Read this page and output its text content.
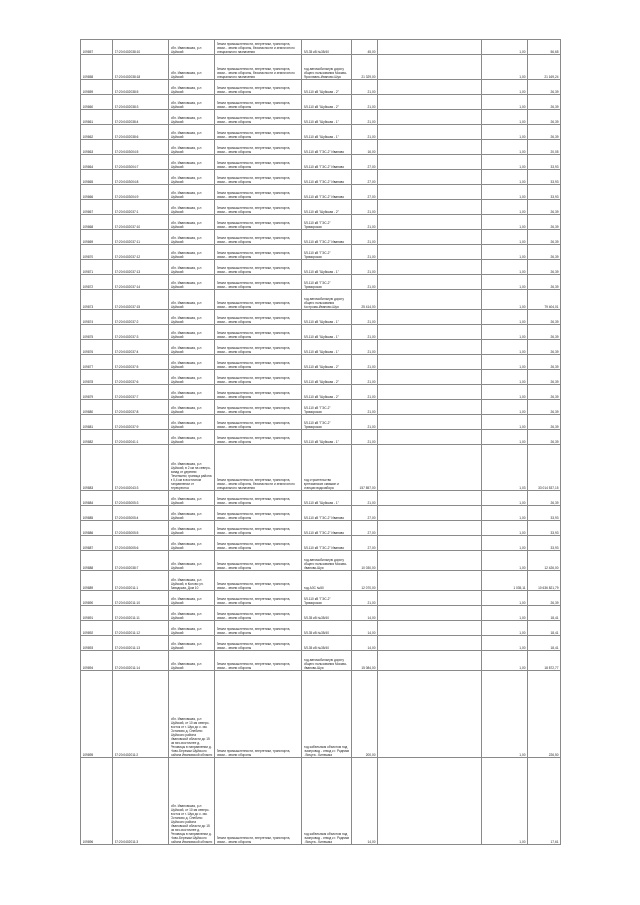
109857	27:20:0402038:10	обл. Ивановская, р-н Шуйский	Земли промышленности, энергетики, транспорта, связи... земли обороны, безопасности и земли иного специального назначения	ВЛ-35 кВ №35/40	45,00		1,00	56,65

109858	37:20:0402038:18	обл. Ивановская, р-н Шуйский	Земли промышленности, энергетики, транспорта, связи... земли обороны, безопасности и земли иного специального назначения	под автомобильную дорогу общего пользования Москва-Ярославль-Иваново-Шуя	21 329,00		1,00	21 169,24

109859	37:20:0402038:5	обл. Ивановская, р-н Шуйский	Земли промышленности, энергетики, транспорта, связи... земли обороны	ВЛ-110 кВ "Шуйская - 2"	21,00		1,00	26,39

109860	37:20:0402038:3	обл. Ивановская, р-н Шуйский	Земли промышленности, энергетики, транспорта, связи... земли обороны	ВЛ-110 кВ "Шуйская - 2"	21,00		1,00	26,39

109861	37:20:0402038:4	обл. Ивановская, р-н Шуйский	Земли промышленности, энергетики, транспорта, связи... земли обороны	ВЛ-110 кВ "Шуйская - 1"	21,00		1,00	26,39

109862	37:20:0402038:6	обл. Ивановская, р-н Шуйский	Земли промышленности, энергетики, транспорта, связи... земли обороны	ВЛ-110 кВ "Шуйская - 1"	21,00		1,00	26,39

109863	37:20:0403004:5	обл. Ивановская, р-н Шуйский	Земли промышленности, энергетики, транспорта, связи... земли обороны	ВЛ-110 кВ "ГЭС-2" Иваново	16,00		1,00	20,05

109864	37:20:0403004:7	обл. Ивановская, р-н Шуйский	Земли промышленности, энергетики, транспорта, связи... земли обороны	ВЛ-110 кВ "ГЭС-2" Иваново	27,00		1,00	33,93

109865	37:20:0403004:8	обл. Ивановская, р-н Шуйский	Земли промышленности, энергетики, транспорта, связи... земли обороны	ВЛ-110 кВ "ГЭС-2" Иваново	27,00		1,00	33,93

109866	37:20:0403004:9	обл. Ивановская, р-н Шуйский	Земли промышленности, энергетики, транспорта, связи... земли обороны	ВЛ-110 кВ "ГЭС-2" Иваново	27,00		1,00	33,93

109867	37:20:0402037:1	обл. Ивановская, р-н Шуйский	Земли промышленности, энергетики, транспорта, связи... земли обороны	ВЛ-110 кВ "Шуйская - 2"	21,00		1,00	26,39

109868	37:20:0402037:10	обл. Ивановская, р-н Шуйский	Земли промышленности, энергетики, транспорта, связи... земли обороны	ВЛ-110 кВ "ГЭС-2" Приморская	21,00		1,00	26,39

109869	37:20:0402037:11	обл. Ивановская, р-н Шуйский	Земли промышленности, энергетики, транспорта, связи... земли обороны	ВЛ-110 кВ "ГЭС-2" Иваново	21,00		1,00	26,39

109870	37:20:0402037:12	обл. Ивановская, р-н Шуйский	Земли промышленности, энергетики, транспорта, связи... земли обороны	ВЛ-110 кВ "ГЭС-2" Приморская	21,00		1,00	26,39

109871	37:20:0402037:13	обл. Ивановская, р-н Шуйский	Земли промышленности, энергетики, транспорта, связи... земли обороны	ВЛ-110 кВ "Шуйская - 1"	21,00		1,00	26,39

109872	37:20:0402037:14	обл. Ивановская, р-н Шуйский	Земли промышленности, энергетики, транспорта, связи... земли обороны	ВЛ-110 кВ "ГЭС-2" Приморская	21,00		1,00	26,39

109873	37:20:0402037:15	обл. Ивановская, р-н Шуйский	Земли промышленности, энергетики, транспорта, связи... земли обороны	под автомобильную дорогу общего пользования Кострома-Иваново-Шуя	25 414,00		1,00	79 404,01

109874	37:20:0402037:2	обл. Ивановская, р-н Шуйский	Земли промышленности, энергетики, транспорта, связи... земли обороны	ВЛ-110 кВ "Шуйская - 1"	21,00		1,00	26,39

109875	37:20:0402037:3	обл. Ивановская, р-н Шуйский	Земли промышленности, энергетики, транспорта, связи... земли обороны	ВЛ-110 кВ "Шуйская - 1"	21,00		1,00	26,39

109876	37:20:0402037:4	обл. Ивановская, р-н Шуйский	Земли промышленности, энергетики, транспорта, связи... земли обороны	ВЛ-110 кВ "Шуйская - 1"	21,00		1,00	26,39

109877	37:20:0402037:5	обл. Ивановская, р-н Шуйский	Земли промышленности, энергетики, транспорта, связи... земли обороны	ВЛ-110 кВ "Шуйская - 2"	21,00		1,00	26,39

109878	37:20:0402037:6	обл. Ивановская, р-н Шуйский	Земли промышленности, энергетики, транспорта, связи... земли обороны	ВЛ-110 кВ "Шуйская - 2"	21,00		1,00	26,39

109879	37:20:0402037:7	обл. Ивановская, р-н Шуйский	Земли промышленности, энергетики, транспорта, связи... земли обороны	ВЛ-110 кВ "Шуйская - 2"	21,00		1,00	26,39

109880	37:20:0402037:8	обл. Ивановская, р-н Шуйский	Земли промышленности, энергетики, транспорта, связи... земли обороны	ВЛ-110 кВ "ГЭС-2" Приморская	21,00		1,00	26,39

109881	37:20:0402037:9	обл. Ивановская, р-н Шуйский	Земли промышленности, энергетики, транспорта, связи... земли обороны	ВЛ-110 кВ "ГЭС-2" Приморская	21,00		1,00	26,39

109882	37:20:0402041:1	обл. Ивановская, р-н Шуйский	Земли промышленности, энергетики, транспорта, связи... земли обороны	ВЛ-110 кВ "Шуйская - 1"	21,00		1,00	26,39

109883	37:20:0402043:3	обл. Ивановская, р-н Шуйский, в 2 км на северо-запад от деревни Печенкино; граница района в 0,4 км в восточном направлении от перекрестка	Земли промышленности, энергетики, транспорта, связи... земли обороны, безопасности и земли иного специального назначения	под строительство артезианских скважин и станции водозабора	157 857,00		1,03	33 014 537,15

109884	37:20:0403005:3	обл. Ивановская, р-н Шуйский	Земли промышленности, энергетики, транспорта, связи... земли обороны	ВЛ-110 кВ "Шуйская - 1"	21,00		1,00	26,39

109885	37:20:0403005:4	обл. Ивановская, р-н Шуйский	Земли промышленности, энергетики, транспорта, связи... земли обороны	ВЛ-110 кВ "ГЭС-2" Иваново	27,00		1,00	33,93

109886	37:20:0403005:5	обл. Ивановская, р-н Шуйский	Земли промышленности, энергетики, транспорта, связи... земли обороны	ВЛ-110 кВ "ГЭС-2" Иваново	27,00		1,00	33,93

109887	37:20:0403005:6	обл. Ивановская, р-н Шуйский	Земли промышленности, энергетики, транспорта, связи... земли обороны	ВЛ-110 кВ "ГЭС-2" Иваново	27,00		1,00	33,93

109888	37:20:0402038:7	обл. Ивановская, р-н Шуйский	Земли промышленности, энергетики, транспорта, связи... земли обороны	под автомобильную дорогу общего пользования Москва-Иваново-Шуя	10 030,00		1,00	12 426,00

109889	37:20:0402011:1	обл. Ивановская, р-н Шуйский, в Колово ул. Заводская, Дом 10	Земли промышленности, энергетики, транспорта, связи... земли обороны	под АЗС №50	12 070,00		1 035,11	10 636 821,79

109890	37:20:0402011:10	обл. Ивановская, р-н Шуйский	Земли промышленности, энергетики, транспорта, связи... земли обороны	ВЛ-110 кВ "ГЭС-2" Приморская	21,00		1,00	26,39

109891	37:20:0402011:11	обл. Ивановская, р-н Шуйский	Земли промышленности, энергетики, транспорта, связи... земли обороны	ВЛ-35 кВ №35/40	14,00		1,00	18,41

109892	37:20:0402011:12	обл. Ивановская, р-н Шуйский	Земли промышленности, энергетики, транспорта, связи... земли обороны	ВЛ-35 кВ №35/40	14,00		1,00	18,41

109893	37:20:0402011:13	обл. Ивановская, р-н Шуйский	Земли промышленности, энергетики, транспорта, связи... земли обороны	ВЛ-35 кВ №35/40	14,00		1,00	18,41

109894	37:20:0402011:14	обл. Ивановская, р-н Шуйский	Земли промышленности, энергетики, транспорта, связи... земли обороны	под автомобильную дорогу общего пользования Москва-Иваново-Шуя	15 084,00		1,00	18 872,77

109895	37:20:0402011:2	обл. Ивановская, р-н Шуйский, от 10 км северо-восток от г. Шуя до с. им. Остапово д. Олебино Шуйского района Ивановской области до 15 км юго-восточнее д. Реховицы в направлении д. Ново-Бережки Шуйского района Ивановской области	Земли промышленности, энергетики, транспорта, связи... земли обороны	под кабельным объектом под газопровод - отвод к г. Родники - Вичуга - Кинешма	200,00		1,00	226,50

109896	37:20:0402011:3	обл. Ивановская, р-н Шуйский, от 10 км северо-восток от г. Шуя до с. им. Остапово д. Олебино Шуйского района Ивановской области до 15 км юго-восточнее д. Реховицы в направлении д. Ново-Бережки Шуйского района Ивановской области	Земли промышленности, энергетики, транспорта, связи... земли обороны	под кабельным объектом под газопровод - отвод к г. Родники - Вичуга - Кинешма	14,00		1,00	17,61
